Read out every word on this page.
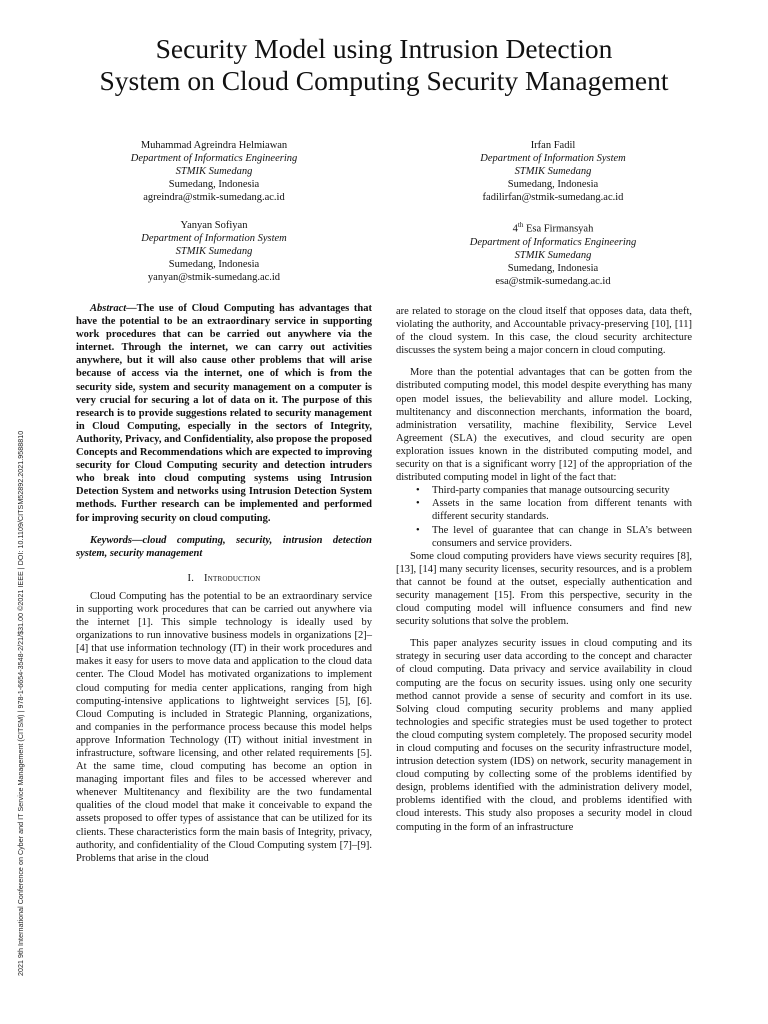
2021 9th International Conference on Cyber and IT Service Management (CITSM) | 978-1-6654-3548-2/21/$31.00 ©2021 IEEE | DOI: 10.1109/CITSM52892.2021.9588810
Security Model using Intrusion Detection
System on Cloud Computing Security Management
Muhammad Agreindra Helmiawan
Department of Informatics Engineering
STMIK Sumedang
Sumedang, Indonesia
agreindra@stmik-sumedang.ac.id
Irfan Fadil
Department of Information System
STMIK Sumedang
Sumedang, Indonesia
fadilirfan@stmik-sumedang.ac.id
Yanyan Sofiyan
Department of Information System
STMIK Sumedang
Sumedang, Indonesia
yanyan@stmik-sumedang.ac.id
4th Esa Firmansyah
Department of Informatics Engineering
STMIK Sumedang
Sumedang, Indonesia
esa@stmik-sumedang.ac.id

Abstract—The use of Cloud Computing has advantages that have the potential to be an extraordinary service in supporting work procedures that can be carried out anywhere via the internet. Through the internet, we can carry out activities anywhere, but it will also cause other problems that will arise because of access via the internet, one of which is from the security side, system and security management on a computer is very crucial for securing a lot of data on it. The purpose of this research is to provide suggestions related to security management in Cloud Computing, especially in the sectors of Integrity, Authority, Privacy, and Confidentiality, also propose the proposed Concepts and Recommendations which are expected to improving security for Cloud Computing security and detection intruders who break into cloud computing systems using Intrusion Detection System and networks using Intrusion Detection System methods. Further research can be implemented and performed for improving security on cloud computing.

Keywords—cloud computing, security, intrusion detection system, security management

I. Introduction

Cloud Computing has the potential to be an extraordinary service in supporting work procedures that can be carried out anywhere via the internet [1]. This simple technology is ideally used by organizations to run innovative business models in organizations [2]–[4] that use information technology (IT) in their work procedures and makes it easy for users to move data and application to the cloud data center. The Cloud Model has motivated organizations to implement cloud computing for media center applications, ranging from high computing-intensive applications to lightweight services [5], [6]. Cloud Computing is included in Strategic Planning, organizations, and companies in the performance process because this model helps approve Information Technology (IT) without initial investment in infrastructure, software licensing, and other related requirements [5]. At the same time, cloud computing has become an option in managing important files and files to be accessed wherever and whenever Multitenancy and flexibility are the two fundamental qualities of the cloud model that make it conceivable to expand the assets proposed to offer types of assistance that can be utilized for its clients. These characteristics form the main basis of Integrity, privacy, authority, and confidentiality of the Cloud Computing system [7]–[9]. Problems that arise in the cloud

are related to storage on the cloud itself that opposes data, data theft, violating the authority, and Accountable privacy-preserving [10], [11] of the cloud system. In this case, the cloud security architecture discusses the system being a major concern in cloud computing.

More than the potential advantages that can be gotten from the distributed computing model, this model despite everything has many open model issues, the believability and allure model. Locking, multitenancy and disconnection merchants, information the board, administration versatility, machine flexibility, Service Level Agreement (SLA) the executives, and cloud security are open exploration issues known in the distributed computing model, and security on that is a significant worry [12] of the appropriation of the distributed computing model in light of the fact that:

• Third-party companies that manage outsourcing security
• Assets in the same location from different tenants with different security standards.
• The level of guarantee that can change in SLA’s between consumers and service providers.

Some cloud computing providers have views security requires [8], [13], [14] many security licenses, security resources, and is a problem that cannot be found at the outset, especially authentication and security management [15]. From this perspective, security in the cloud computing model will influence consumers and find new security solutions that solve the problem.

This paper analyzes security issues in cloud computing and its strategy in securing user data according to the concept and character of cloud computing. Data privacy and service availability in cloud computing are the focus on security issues. using only one security method cannot provide a sense of security and comfort in its use. Solving cloud computing security problems and many applied technologies and specific strategies must be used together to protect the cloud computing system completely. The proposed security model in cloud computing and focuses on the security infrastructure model, intrusion detection system (IDS) on network, security management in cloud computing by collecting some of the problems identified by design, problems identified with the administration delivery model, problems identified with the cloud, and problems identified with cloud interests. This study also proposes a security model in cloud computing in the form of an infrastructure
